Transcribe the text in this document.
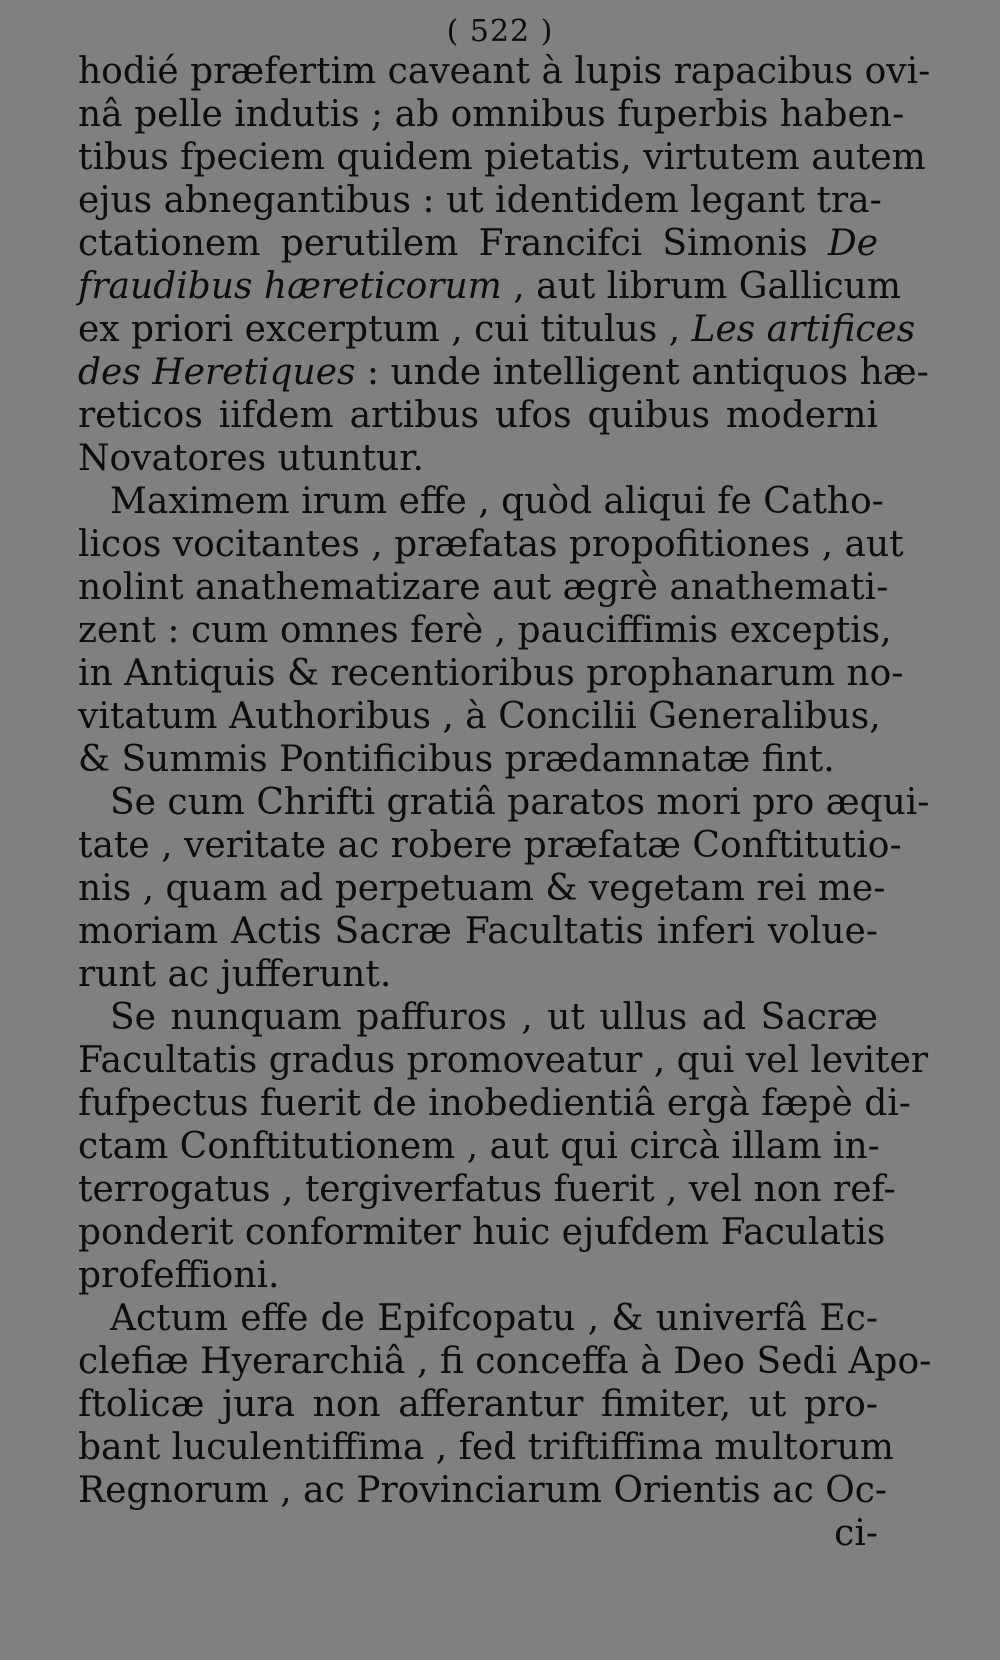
( 522 )
hodié præfertim caveant à lupis rapacibus ovi-
nâ pelle indutis ; ab omnibus fuperbis haben-
tibus fpeciem quidem pietatis, virtutem autem
ejus abnegantibus : ut identidem legant tra-
ctationem perutilem Francifci Simonis De
fraudibus hæreticorum , aut librum Gallicum
ex priori excerptum , cui titulus , Les artifices
des Heretiques : unde intelligent antiquos hæ-
reticos iifdem artibus ufos quibus moderni
Novatores utuntur.
Maximem irum effe , quòd aliqui fe Catho-
licos vocitantes , præfatas propofitiones , aut
nolint anathematizare aut ægrè anathemati-
zent : cum omnes ferè , pauciffimis exceptis,
in Antiquis & recentioribus prophanarum no-
vitatum Authoribus , à Concilii Generalibus,
& Summis Pontificibus prædamnatæ fint.
Se cum Chrifti gratiâ paratos mori pro æqui-
tate , veritate ac robere præfatæ Conftitutio-
nis , quam ad perpetuam & vegetam rei me-
moriam Actis Sacræ Facultatis inferi volue-
runt ac jufferunt.
Se nunquam paffuros , ut ullus ad Sacræ
Facultatis gradus promoveatur , qui vel leviter
fufpectus fuerit de inobedientiâ ergà fæpè di-
ctam Conftitutionem , aut qui circà illam in-
terrogatus , tergiverfatus fuerit , vel non ref-
ponderit conformiter huic ejufdem Faculatis
profeffioni.
Actum effe de Epifcopatu , & univerfâ Ec-
clefiæ Hyerarchiâ , fi conceffa à Deo Sedi Apo-
ftolicæ jura non afferantur fimiter, ut pro-
bant luculentiffima , fed triftiffima multorum
Regnorum , ac Provinciarum Orientis ac Oc-
ci-
